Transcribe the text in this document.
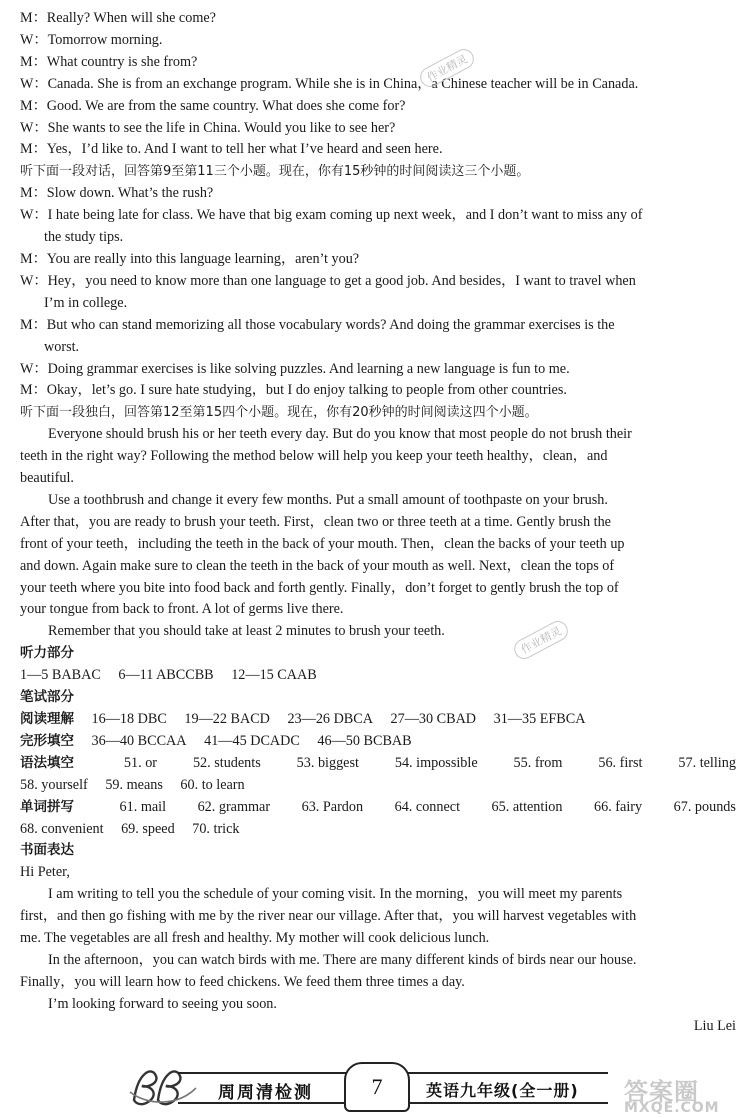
M：Really? When will she come?
W：Tomorrow morning.
M：What country is she from?
W：Canada. She is from an exchange program. While she is in China，a Chinese teacher will be in Canada.
M：Good. We are from the same country. What does she come for?
W：She wants to see the life in China. Would you like to see her?
M：Yes，I’d like to. And I want to tell her what I’ve heard and seen here.
听下面一段对话，回答第9至第11三个小题。现在，你有15秒钟的时间阅读这三个小题。
M：Slow down. What’s the rush?
W：I hate being late for class. We have that big exam coming up next week，and I don’t want to miss any of
the study tips.
M：You are really into this language learning，aren’t you?
W：Hey，you need to know more than one language to get a good job. And besides，I want to travel when
I’m in college.
M：But who can stand memorizing all those vocabulary words? And doing the grammar exercises is the
worst.
W：Doing grammar exercises is like solving puzzles. And learning a new language is fun to me.
M：Okay，let’s go. I sure hate studying，but I do enjoy talking to people from other countries.
听下面一段独白，回答第12至第15四个小题。现在，你有20秒钟的时间阅读这四个小题。
Everyone should brush his or her teeth every day. But do you know that most people do not brush their
teeth in the right way? Following the method below will help you keep your teeth healthy，clean，and
beautiful.
Use a toothbrush and change it every few months. Put a small amount of toothpaste on your brush.
After that，you are ready to brush your teeth. First，clean two or three teeth at a time. Gently brush the
front of your teeth，including the teeth in the back of your mouth. Then，clean the backs of your teeth up
and down. Again make sure to clean the teeth in the back of your mouth as well. Next，clean the tops of
your teeth where you bite into food back and forth gently. Finally，don’t forget to gently brush the top of
your tongue from back to front. A lot of germs live there.
Remember that you should take at least 2 minutes to brush your teeth.
听力部分
1—5 BABAC 6—11 ABCCBB 12—15 CAAB
笔试部分
阅读理解 16—18 DBC 19—22 BACD 23—26 DBCA 27—30 CBAD 31—35 EFBCA
完形填空 36—40 BCCAA 41—45 DCADC 46—50 BCBAB
语法填空	51. or	52. students	53. biggest	54. impossible	55. from	56. first	57. telling
58. yourself 59. means 60. to learn
单词拼写	61. mail 62. grammar 63. Pardon 64. connect 65. attention 66. fairy 67. pounds
68. convenient 69. speed 70. trick
书面表达
Hi Peter,
I am writing to tell you the schedule of your coming visit. In the morning，you will meet my parents
first，and then go fishing with me by the river near our village. After that，you will harvest vegetables with
me. The vegetables are all fresh and healthy. My mother will cook delicious lunch.
In the afternoon，you can watch birds with me. There are many different kinds of birds near our house.
Finally，you will learn how to feed chickens. We feed them three times a day.
I’m looking forward to seeing you soon.
Liu Lei
作业精灵
作业精灵
周周清检测	7	英语九年级(全一册) 答案圈
MXQE.COM
